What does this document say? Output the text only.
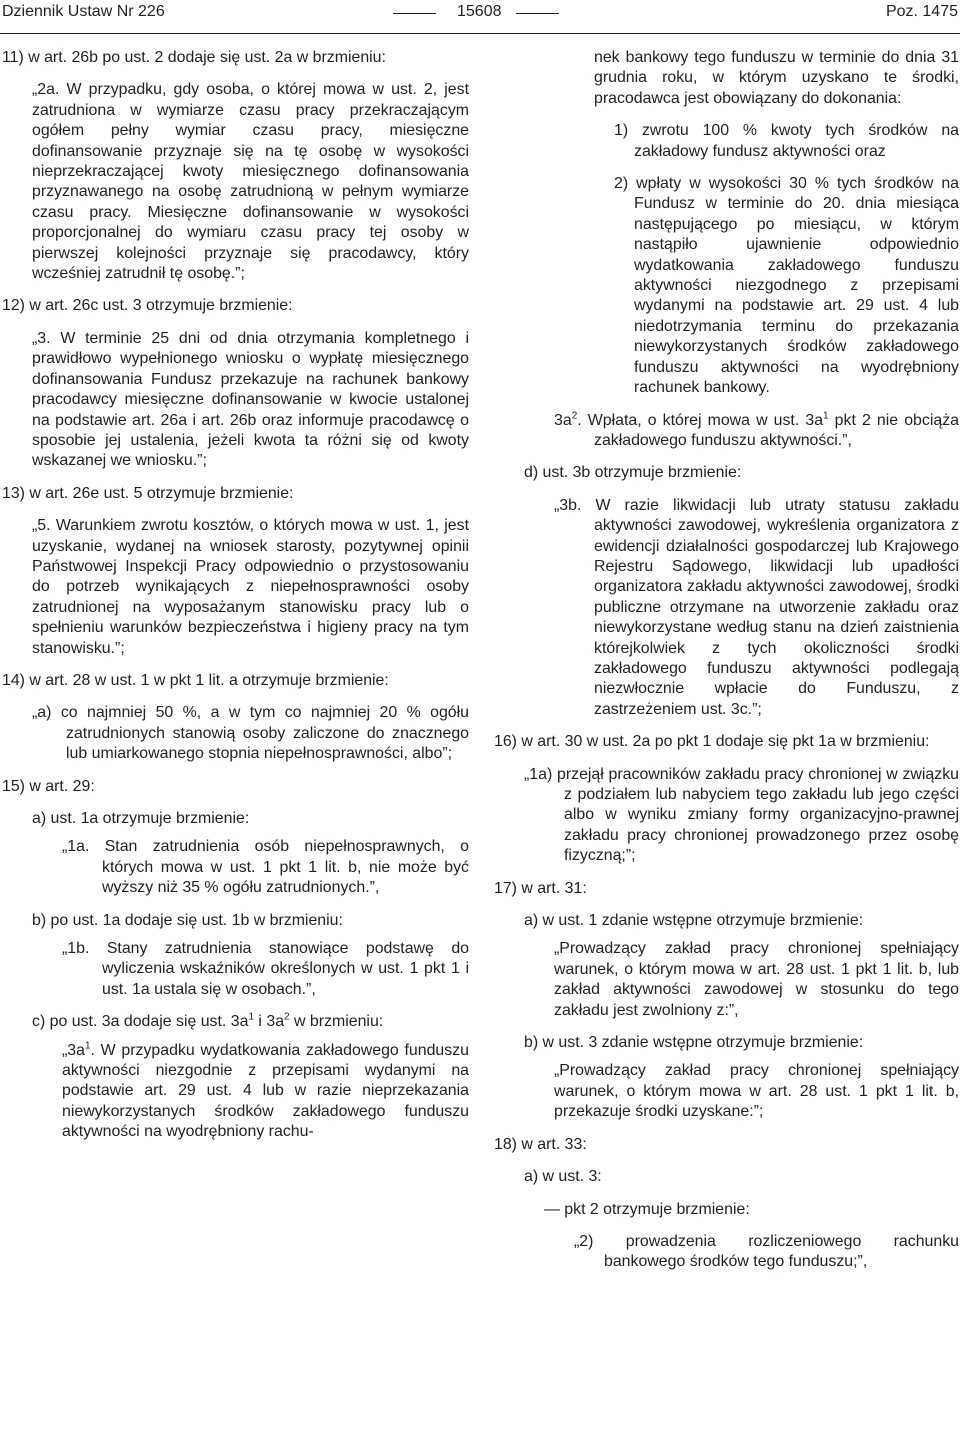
Dziennik Ustaw Nr 226	15608	Poz. 1475

11) w art. 26b po ust. 2 dodaje się ust. 2a w brzmieniu:

„2a. W przypadku, gdy osoba, o której mowa w ust. 2, jest zatrudniona w wymiarze czasu pracy przekraczającym ogółem pełny wymiar czasu pracy, miesięczne dofinansowanie przyznaje się na tę osobę w wysokości nieprzekraczającej kwoty miesięcznego dofinansowania przyznawanego na osobę zatrudnioną w pełnym wymiarze czasu pracy. Miesięczne dofinansowanie w wysokości proporcjonalnej do wymiaru czasu pracy tej osoby w pierwszej kolejności przyznaje się pracodawcy, który wcześniej zatrudnił tę osobę.”;

12) w art. 26c ust. 3 otrzymuje brzmienie:

„3. W terminie 25 dni od dnia otrzymania kompletnego i prawidłowo wypełnionego wniosku o wypłatę miesięcznego dofinansowania Fundusz przekazuje na rachunek bankowy pracodawcy miesięczne dofinansowanie w kwocie ustalonej na podstawie art. 26a i art. 26b oraz informuje pracodawcę o sposobie jej ustalenia, jeżeli kwota ta różni się od kwoty wskazanej we wniosku.”;

13) w art. 26e ust. 5 otrzymuje brzmienie:

„5. Warunkiem zwrotu kosztów, o których mowa w ust. 1, jest uzyskanie, wydanej na wniosek starosty, pozytywnej opinii Państwowej Inspekcji Pracy odpowiednio o przystosowaniu do potrzeb wynikających z niepełnosprawności osoby zatrudnionej na wyposażanym stanowisku pracy lub o spełnieniu warunków bezpieczeństwa i higieny pracy na tym stanowisku.”;

14) w art. 28 w ust. 1 w pkt 1 lit. a otrzymuje brzmienie:

„a) co najmniej 50 %, a w tym co najmniej 20 % ogółu zatrudnionych stanowią osoby zaliczone do znacznego lub umiarkowanego stopnia niepełnosprawności, albo”;

15) w art. 29:

a) ust. 1a otrzymuje brzmienie:

„1a. Stan zatrudnienia osób niepełnosprawnych, o których mowa w ust. 1 pkt 1 lit. b, nie może być wyższy niż 35 % ogółu zatrudnionych.”,

b) po ust. 1a dodaje się ust. 1b w brzmieniu:

„1b. Stany zatrudnienia stanowiące podstawę do wyliczenia wskaźników określonych w ust. 1 pkt 1 i ust. 1a ustala się w osobach.”,

c) po ust. 3a dodaje się ust. $3a^1$ i $3a^2$ w brzmieniu:

$„3a^1$. W przypadku wydatkowania zakładowego funduszu aktywności niezgodnie z przepisami wydanymi na podstawie art. 29 ust. 4 lub w razie nieprzekazania niewykorzystanych środków zakładowego funduszu aktywności na wyodrębniony rachu-

nek bankowy tego funduszu w terminie do dnia 31 grudnia roku, w którym uzyskano te środki, pracodawca jest obowiązany do dokonania:

1) zwrotu 100 % kwoty tych środków na zakładowy fundusz aktywności oraz

2) wpłaty w wysokości 30 % tych środków na Fundusz w terminie do 20. dnia miesiąca następującego po miesiącu, w którym nastąpiło ujawnienie odpowiednio wydatkowania zakładowego funduszu aktywności niezgodnego z przepisami wydanymi na podstawie art. 29 ust. 4 lub niedotrzymania terminu do przekazania niewykorzystanych środków zakładowego funduszu aktywności na wyodrębniony rachunek bankowy.

$3a^2$. Wpłata, o której mowa w ust. $3a^1$ pkt 2 nie obciąża zakładowego funduszu aktywności.”,

d) ust. 3b otrzymuje brzmienie:

„3b. W razie likwidacji lub utraty statusu zakładu aktywności zawodowej, wykreślenia organizatora z ewidencji działalności gospodarczej lub Krajowego Rejestru Sądowego, likwidacji lub upadłości organizatora zakładu aktywności zawodowej, środki publiczne otrzymane na utworzenie zakładu oraz niewykorzystane według stanu na dzień zaistnienia którejkolwiek z tych okoliczności środki zakładowego funduszu aktywności podlegają niezwłocznie wpłacie do Funduszu, z zastrzeżeniem ust. 3c.”;

16) w art. 30 w ust. 2a po pkt 1 dodaje się pkt 1a w brzmieniu:

„1a) przejął pracowników zakładu pracy chronionej w związku z podziałem lub nabyciem tego zakładu lub jego części albo w wyniku zmiany formy organizacyjno-prawnej zakładu pracy chronionej prowadzonego przez osobę fizyczną;”;

17) w art. 31:

a) w ust. 1 zdanie wstępne otrzymuje brzmienie:

„Prowadzący zakład pracy chronionej spełniający warunek, o którym mowa w art. 28 ust. 1 pkt 1 lit. b, lub zakład aktywności zawodowej w stosunku do tego zakładu jest zwolniony z:”,

b) w ust. 3 zdanie wstępne otrzymuje brzmienie:

„Prowadzący zakład pracy chronionej spełniający warunek, o którym mowa w art. 28 ust. 1 pkt 1 lit. b, przekazuje środki uzyskane:”;

18) w art. 33:

a) w ust. 3:

— pkt 2 otrzymuje brzmienie:

„2) prowadzenia rozliczeniowego rachunku bankowego środków tego funduszu;”,
